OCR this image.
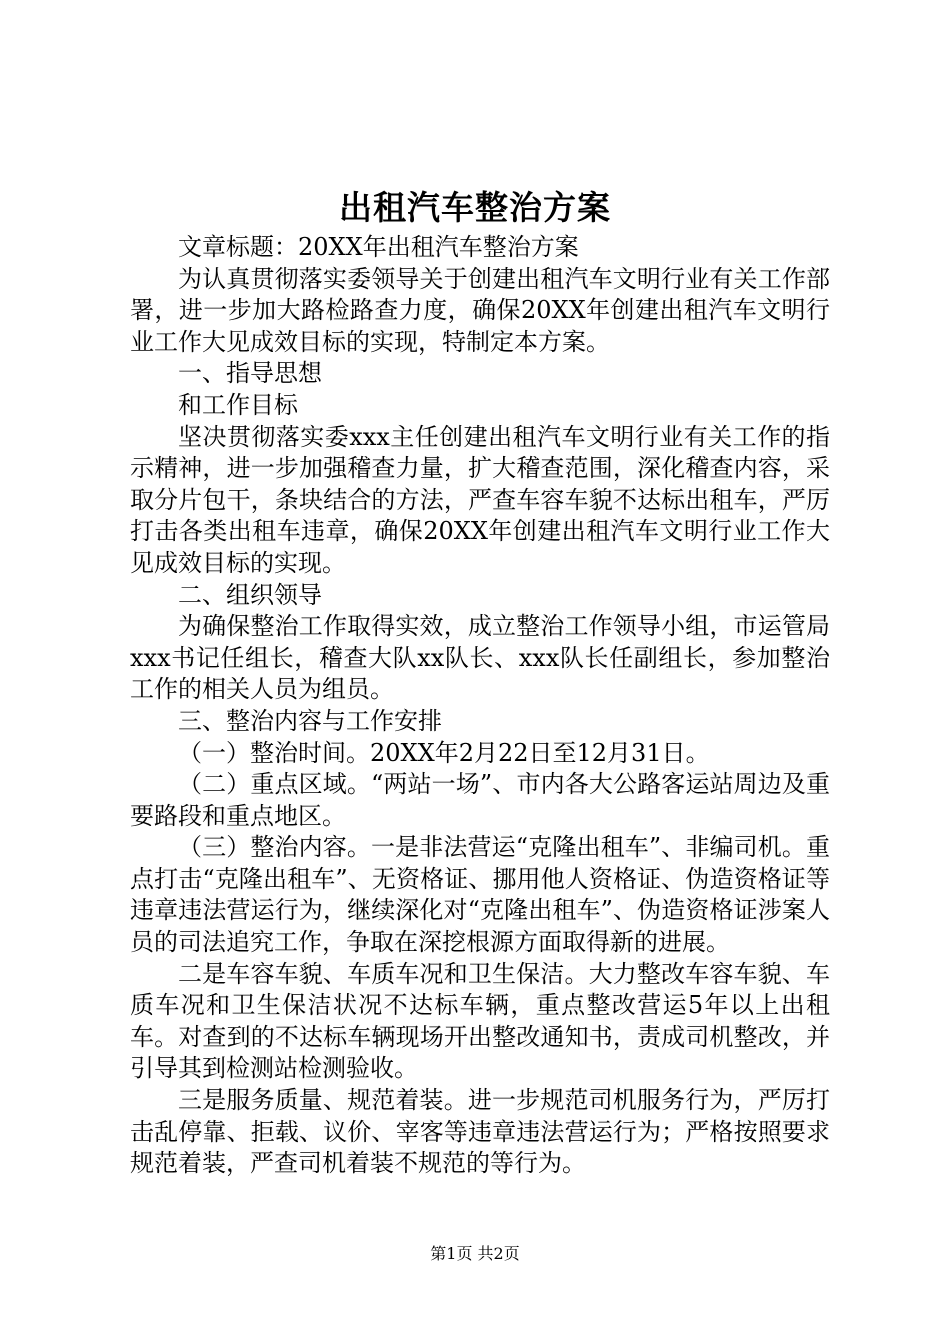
出租汽车整治方案

文章标题：20XX年出租汽车整治方案

为认真贯彻落实委领导关于创建出租汽车文明行业有关工作部署，进一步加大路检路查力度，确保20XX年创建出租汽车文明行业工作大见成效目标的实现，特制定本方案。

一、指导思想

和工作目标

坚决贯彻落实委xxx主任创建出租汽车文明行业有关工作的指示精神，进一步加强稽查力量，扩大稽查范围，深化稽查内容，采取分片包干，条块结合的方法，严查车容车貌不达标出租车，严厉打击各类出租车违章，确保20XX年创建出租汽车文明行业工作大见成效目标的实现。

二、组织领导

为确保整治工作取得实效，成立整治工作领导小组，市运管局xxx书记任组长，稽查大队xx队长、xxx队长任副组长，参加整治工作的相关人员为组员。

三、整治内容与工作安排

（一）整治时间。20XX年2月22日至12月31日。

（二）重点区域。“两站一场”、市内各大公路客运站周边及重要路段和重点地区。

（三）整治内容。一是非法营运“克隆出租车”、非编司机。重点打击“克隆出租车”、无资格证、挪用他人资格证、伪造资格证等违章违法营运行为，继续深化对“克隆出租车”、伪造资格证涉案人员的司法追究工作，争取在深挖根源方面取得新的进展。

二是车容车貌、车质车况和卫生保洁。大力整改车容车貌、车质车况和卫生保洁状况不达标车辆，重点整改营运5年以上出租车。对查到的不达标车辆现场开出整改通知书，责成司机整改，并引导其到检测站检测验收。

三是服务质量、规范着装。进一步规范司机服务行为，严厉打击乱停靠、拒载、议价、宰客等违章违法营运行为；严格按照要求规范着装，严查司机着装不规范的等行为。

第1页 共2页
